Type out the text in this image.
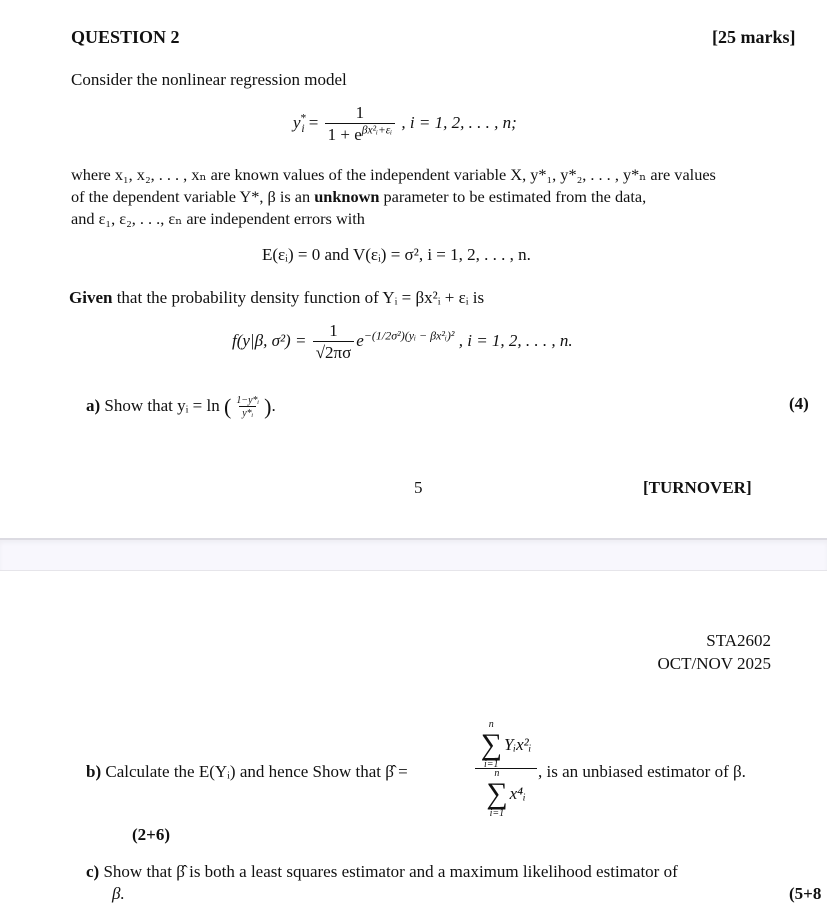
QUESTION 2	[25 marks]
Consider the nonlinear regression model
$y^*_i = \frac{1}{1 + e^{\beta x^2ᵢ+\varepsilon ᵢ}}$ , i = 1, 2, . . . , n;
where x₁, x₂, . . . , xₙ are known values of the independent variable X, y*₁, y*₂, . . . , y*ₙ are values
of the dependent variable Y*, β is an unknown parameter to be estimated from the data,
and ε₁, ε₂, . . ., εₙ are independent errors with
E(εᵢ) = 0 and V(εᵢ) = σ², i = 1, 2, . . . , n.
Given that the probability density function of Yᵢ = βx²ᵢ + εᵢ is
f(y|β, $\sigma^2) = \frac{1}{√2\pi\sigma} e^{-(1/2\sigma^2)(yᵢ - \beta x^2ᵢ)^2}$ , i = 1, 2, . . . , n.
a) Show that yᵢ = ln ( $\frac{\text{1−y*ᵢ}}{\text{y*ᵢ}}$ ).	(4)
5	[TURNOVER]
STA2602
OCT/NOV 2025
b) Calculate the E(Yᵢ) and hence Show that β̂ =
n
∑
i=1
Yᵢx²ᵢ
n
∑
i=1
x⁴ᵢ
, is an unbiased estimator of β.
(2+6)
c) Show that β̂ is both a least squares estimator and a maximum likelihood estimator of
β.	(5+8
